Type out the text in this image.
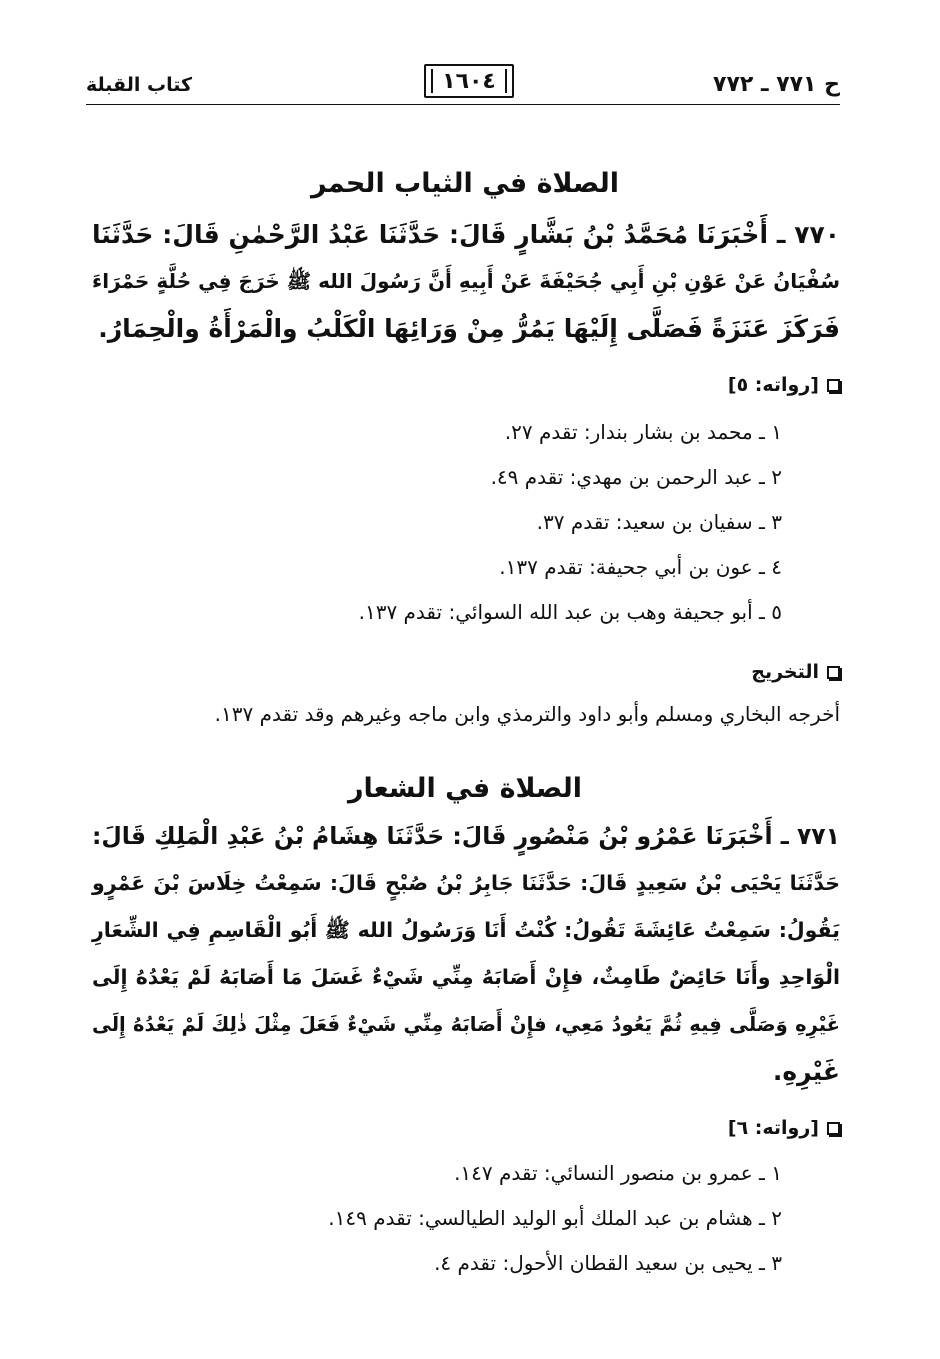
ح ٧٧١ ـ ٧٧٢
١٦٠٤
كتاب القبلة
الصلاة في الثياب الحمر
٧٧٠ ـ أَخْبَرَنَا مُحَمَّدُ بْنُ بَشَّارٍ قَالَ: حَدَّثَنَا عَبْدُ الرَّحْمٰنِ قَالَ: حَدَّثَنَا
سُفْيَانُ عَنْ عَوْنِ بْنِ أَبِي جُحَيْفَةَ عَنْ أَبِيهِ أَنَّ رَسُولَ الله ﷺ خَرَجَ فِي حُلَّةٍ حَمْرَاءَ
فَرَكَزَ عَنَزَةً فَصَلَّى إِلَيْهَا يَمُرُّ مِنْ وَرَائِهَا الْكَلْبُ والْمَرْأَةُ والْحِمَارُ.
[رواته: ٥]
١ ـ محمد بن بشار بندار: تقدم ٢٧.
٢ ـ عبد الرحمن بن مهدي: تقدم ٤٩.
٣ ـ سفيان بن سعيد: تقدم ٣٧.
٤ ـ عون بن أبي جحيفة: تقدم ١٣٧.
٥ ـ أبو جحيفة وهب بن عبد الله السوائي: تقدم ١٣٧.
التخريج
أخرجه البخاري ومسلم وأبو داود والترمذي وابن ماجه وغيرهم وقد تقدم ١٣٧.
الصلاة في الشعار
٧٧١ ـ أَخْبَرَنَا عَمْرُو بْنُ مَنْصُورٍ قَالَ: حَدَّثَنَا هِشَامُ بْنُ عَبْدِ الْمَلِكِ قَالَ:
حَدَّثَنَا يَحْيَى بْنُ سَعِيدٍ قَالَ: حَدَّثَنَا جَابِرُ بْنُ صُبْحٍ قَالَ: سَمِعْتُ خِلَاسَ بْنَ عَمْرٍو
يَقُولُ: سَمِعْتُ عَائِشَةَ تَقُولُ: كُنْتُ أَنَا وَرَسُولُ الله ﷺ أَبُو الْقَاسِمِ فِي الشِّعَارِ
الْوَاحِدِ وأَنَا حَائِضٌ طَامِثٌ، فإِنْ أَصَابَهُ مِنِّي شَيْءٌ غَسَلَ مَا أَصَابَهُ لَمْ يَعْدُهُ إِلَى
غَيْرِهِ وَصَلَّى فِيهِ ثُمَّ يَعُودُ مَعِي، فإِنْ أَصَابَهُ مِنِّي شَيْءٌ فَعَلَ مِثْلَ ذٰلِكَ لَمْ يَعْدُهُ إِلَى
غَيْرِهِ.
[رواته: ٦]
١ ـ عمرو بن منصور النسائي: تقدم ١٤٧.
٢ ـ هشام بن عبد الملك أبو الوليد الطيالسي: تقدم ١٤٩.
٣ ـ يحيى بن سعيد القطان الأحول: تقدم ٤.
